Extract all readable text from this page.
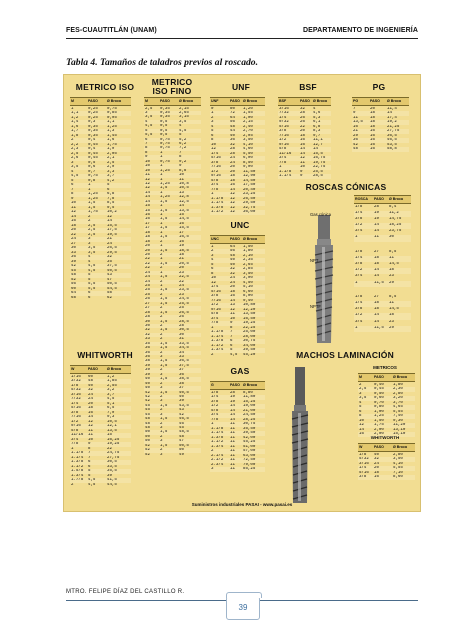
FES-CUAUTITLÁN (UNAM)	DEPARTAMENTO DE INGENIERÍA
Tabla 4. Tamaños de taladros previos al roscado.
METRICO ISO	METRICO ISO FINO	UNF	BSF	PG
ROSCAS CÓNICAS
UNC
WHITWORTH
GAS
MACHOS LAMINACIÓN
METRICOS
WHITWORTH
Suministros industriales PASAI - www.pasai.es
M	PASO	Ø Broca
1	0,25	0,75
1,1	0,25	0,85
1,2	0,25	0,95
1,4	0,3	1,1
1,6	0,35	1,25
1,7	0,35	1,3
1,8	0,35	1,45
2	0,4	1,6
2,2	0,45	1,75
2,3	0,4	1,9
2,5	0,45	2,05
2,6	0,45	2,1
3	0,5	2,5
3,5	0,6	2,9
4	0,7	3,3
4,5	0,75	3,7
5	0,8	4,2
6	1	5
7	1	6
8	1,25	6,8
9	1,25	7,8
10	1,5	8,5
11	1,5	9,5
12	1,75	10,2
14	2	12
16	2	14
18	2,5	15,5
20	2,5	17,5
22	2,5	19,5
24	3	21
27	3	24
30	3,5	26,5
33	3,5	29,5
36	4	32
39	4	35
42	4,5	37,5
45	4,5	40,5
48	5	43
52	5	47
56	5,5	50,5
60	5,5	54,5
64	6	58
68	6	62
M	PASO	Ø Broca
2,5	0,35	2,15
3	0,35	2,65
3,5	0,35	3,15
4	0,5	3,5
4,5	0,5	4
5	0,5	4,5
5,5	0,5	5
6	0,75	5,2
7	0,75	6,2
8	0,75	7,2
8	1	7
9	1	8
10	0,75	9,2
10	1	9
10	1,25	8,8
11	1	10
12	1	11
12	1,25	10,8
12	1,5	10,5
14	1	13
14	1,25	12,8
14	1,5	12,5
15	1	14
15	1,5	13,5
16	1	15
16	1,5	14,5
17	1	16
17	1,5	15,5
18	1	17
18	1,5	16,5
18	2	16
20	1	19
20	1,5	18,5
20	2	18
22	1	21
22	1,5	20,5
22	2	20
24	1	23
24	1,5	22,5
24	2	22
25	1	24
25	1,5	23,5
25	2	23
26	1,5	24,5
27	1,5	25,5
27	2	25
28	1,5	26,5
28	2	26
30	1,5	28,5
30	2	28
32	1,5	30,5
32	2	30
33	2	31
35	1,5	33,5
36	1,5	34,5
36	2	34
36	3	33
38	1,5	36,5
39	1,5	37,5
39	2	37
39	3	36
40	1,5	38,5
40	2	38
40	3	37
42	1,5	40,5
42	2	40
42	3	39
45	1,5	43,5
45	2	43
45	3	42
48	1,5	46,5
48	2	46
48	3	45
50	1,5	48,5
50	2	48
50	3	47
52	1,5	50,5
52	2	50
52	3	49
UNF	PASO Ø Broca
0	80	1,20
1	72	1,55
2	64	1,90
3	56	2,15
4	48	2,40
5	44	2,70
6	40	2,95
8	36	3,50
10	32	4,10
12	28	4,60
1/4	28	5,50
5/16	24	6,90
3/8	24	8,50
7/16	20	9,90
1/2	20	11,50
9/16	18	12,90
5/8	18	14,50
3/4	16	17,50
7/8	14	20,40
1"	12	23,25
1.1/8	12	26,50
1.1/4	12	29,50
1.3/8	12	32,75
1.1/2	12	36,00
BSF	PASO Ø Broca
3/16"	32	4
7/32"	28	4,6
1/4"	26	5,3
9/32"	26	6,1
5/16"	22	6,8
3/8"	20	8,3
7/16"	18	9,7
1/2"	16	11,1
9/16"	16	12,7
5/8"	14	14
11/16"	14	15,5
3/4"	12	16,75
7/8"	11	19,75
1"	10	22,75
1.1/8"	9	25,5
1.1/4"	9	28,5
PG	PASO	Ø Broca
7	20	11,4
9	18	14
11	18	17,4
13,5	18	19,2
16	18	21,25
21	16	27,75
29	16	36,5
36	16	46,5
42	16	53,5
48	16	58,8
UNC	PASO Ø Broca
1	64	1,50
2	56	1,80
3	48	2,10
4	40	2,35
5	40	2,65
6	32	2,85
8	32	3,50
10	24	3,90
12	24	4,50
1/4	20	5,10
5/16	18	6,60
3/8	16	8,00
7/16	14	9,40
1/2	13	10,80
9/16	12	12,20
5/8	11	13,50
3/4	10	16,50
7/8	9	19,25
1"	8	22,25
1.1/8	7	25,00
1.1/4	7	28,00
1.3/8	6	30,75
1.1/2	6	34,00
1.3/4	5	39,50
2"	4,5	45,20
W	PASO	Ø Broca
1/16	60	1,2
3/32	48	1,85
1/8	40	2,55
5/32	32	3,2
3/16	24	3,7
7/32	24	4,5
1/4	20	5,1
5/16	18	6,5
3/8	16	7,9
7/16	14	9,3
1/2	12	10,5
9/16	12	12,1
5/8	11	13,5
11/16	11	15
3/4	10	16,25
7/8	9	19,25
1"	8	22
1.1/8	7	24,75
1.1/4	7	27,75
1.3/8	6	30,5
1.1/2	6	33,5
1.5/8	5	35,5
1.3/4	5	39
1.7/8	4,5	41,5
2"	4,5	44,5
G	PASO Ø Broca
1/8	28	8,80
1/4	19	11,80
3/8	19	15,25
1/2	14	19,00
5/8	14	21,00
3/4	14	24,50
7/8	14	28,25
1"	11	30,75
1.1/8	11	35,50
1.1/4	11	39,50
1.3/8	11	42,00
1.1/2	11	45,25
1.3/4	11	51,00
2"	11	57,00
2.1/4	11	63,00
2.1/2	11	72,50
2.3/4	11	79,00
3"	11	85,25
M	PASO	Ø Broca
2	0,40	1,80
2,5	0,45	2,30
3	0,50	2,80
3,5	0,60	3,20
4	0,70	3,70
5	0,80	4,65
6	1,00	5,55
8	1,25	7,40
10	1,50	9,30
12	1,75	11,20
14	2,00	13,10
16	2,00	15,10
W	PASO	Ø Broca
1/8	40	2,80
5/32	32	3,50
3/16	24	4,10
1/4	20	5,55
5/16	18	7,10
3/8	16	8,60
ROSCA	PASO	Ø Broca
Gas cónica
1/8"	28	8,4
1/4"	19	11,2
3/8"	19	14,75
1/2"	14	18,25
3/4"	14	23,75
1"	11	30
NPT
1/8"	27	8,5
1/4"	18	11
3/8"	18	14,5
1/2"	14	18
3/4"	14	23
1"	11,5	29
NPTF
1/8"	27	8,5
1/4"	18	11
3/8"	18	14,5
1/2"	14	18
3/4"	14	23
1"	11,5	29
MTRO. FELIPE DÍAZ DEL CASTILLO R.
39
